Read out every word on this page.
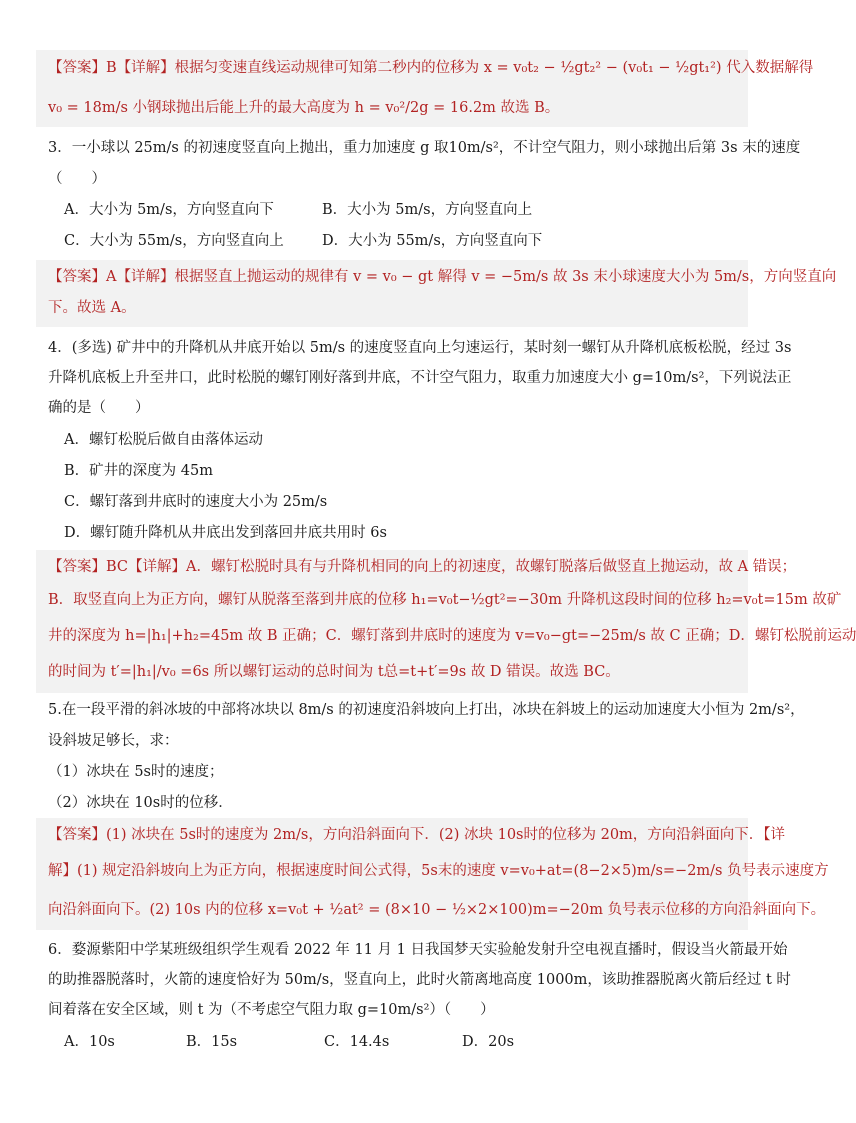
【答案】B【详解】根据匀变速直线运动规律可知第二秒内的位移为 x = v₀t₂ − ½gt₂² − (v₀t₁ − ½gt₁²) 代入数据解得
v₀ = 18m/s 小钢球抛出后能上升的最大高度为 h = v₀²/2g = 16.2m 故选 B。
3．一小球以 25m/s 的初速度竖直向上抛出，重力加速度 g 取10m/s²，不计空气阻力，则小球抛出后第 3s 末的速度
（　　）
A．大小为 5m/s，方向竖直向下	B．大小为 5m/s，方向竖直向上
C．大小为 55m/s，方向竖直向上	D．大小为 55m/s，方向竖直向下
【答案】A【详解】根据竖直上抛运动的规律有 v = v₀ − gt 解得 v = −5m/s 故 3s 末小球速度大小为 5m/s，方向竖直向
下。故选 A。
4．(多选) 矿井中的升降机从井底开始以 5m/s 的速度竖直向上匀速运行，某时刻一螺钉从升降机底板松脱，经过 3s
升降机底板上升至井口，此时松脱的螺钉刚好落到井底，不计空气阻力，取重力加速度大小 g=10m/s²，下列说法正
确的是（　　）
A．螺钉松脱后做自由落体运动
B．矿井的深度为 45m
C．螺钉落到井底时的速度大小为 25m/s
D．螺钉随升降机从井底出发到落回井底共用时 6s
【答案】BC【详解】A．螺钉松脱时具有与升降机相同的向上的初速度，故螺钉脱落后做竖直上抛运动，故 A 错误；
B．取竖直向上为正方向，螺钉从脱落至落到井底的位移 h₁=v₀t−½gt²=−30m 升降机这段时间的位移 h₂=v₀t=15m 故矿
井的深度为 h=|h₁|+h₂=45m 故 B 正确；C．螺钉落到井底时的速度为 v=v₀−gt=−25m/s 故 C 正确；D．螺钉松脱前运动
的时间为 t′=|h₁|/v₀ =6s 所以螺钉运动的总时间为 t总=t+t′=9s 故 D 错误。故选 BC。
5.在一段平滑的斜冰坡的中部将冰块以 8m/s 的初速度沿斜坡向上打出，冰块在斜坡上的运动加速度大小恒为 2m/s²，
设斜坡足够长，求：
（1）冰块在 5s时的速度；
（2）冰块在 10s时的位移．
【答案】(1) 冰块在 5s时的速度为 2m/s，方向沿斜面向下．(2) 冰块 10s时的位移为 20m，方向沿斜面向下．【详
解】(1) 规定沿斜坡向上为正方向，根据速度时间公式得，5s末的速度 v=v₀+at=(8−2×5)m/s=−2m/s 负号表示速度方
向沿斜面向下。(2) 10s 内的位移 x=v₀t + ½at² = (8×10 − ½×2×100)m=−20m 负号表示位移的方向沿斜面向下。
6．婺源紫阳中学某班级组织学生观看 2022 年 11 月 1 日我国梦天实验舱发射升空电视直播时，假设当火箭最开始
的助推器脱落时，火箭的速度恰好为 50m/s，竖直向上，此时火箭离地高度 1000m，该助推器脱离火箭后经过 t 时
间着落在安全区域，则 t 为（不考虑空气阻力取 g=10m/s²）（　　）
A．10s	B．15s	C．14.4s	D．20s
